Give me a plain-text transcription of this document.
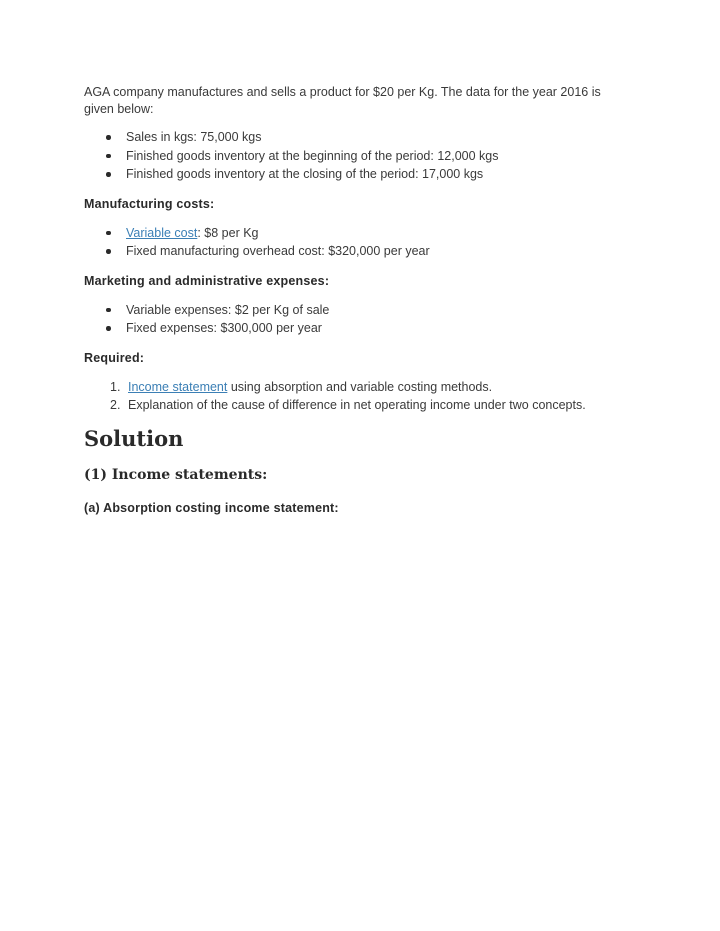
AGA company manufactures and sells a product for $20 per Kg. The data for the year 2016 is given below:

Sales in kgs: 75,000 kgs
Finished goods inventory at the beginning of the period: 12,000 kgs
Finished goods inventory at the closing of the period: 17,000 kgs
Manufacturing costs:
Variable cost: $8 per Kg
Fixed manufacturing overhead cost: $320,000 per year
Marketing and administrative expenses:
Variable expenses: $2 per Kg of sale
Fixed expenses: $300,000 per year
Required:
1. Income statement using absorption and variable costing methods.
2. Explanation of the cause of difference in net operating income under two concepts.
Solution
(1) Income statements:
(a) Absorption costing income statement:
